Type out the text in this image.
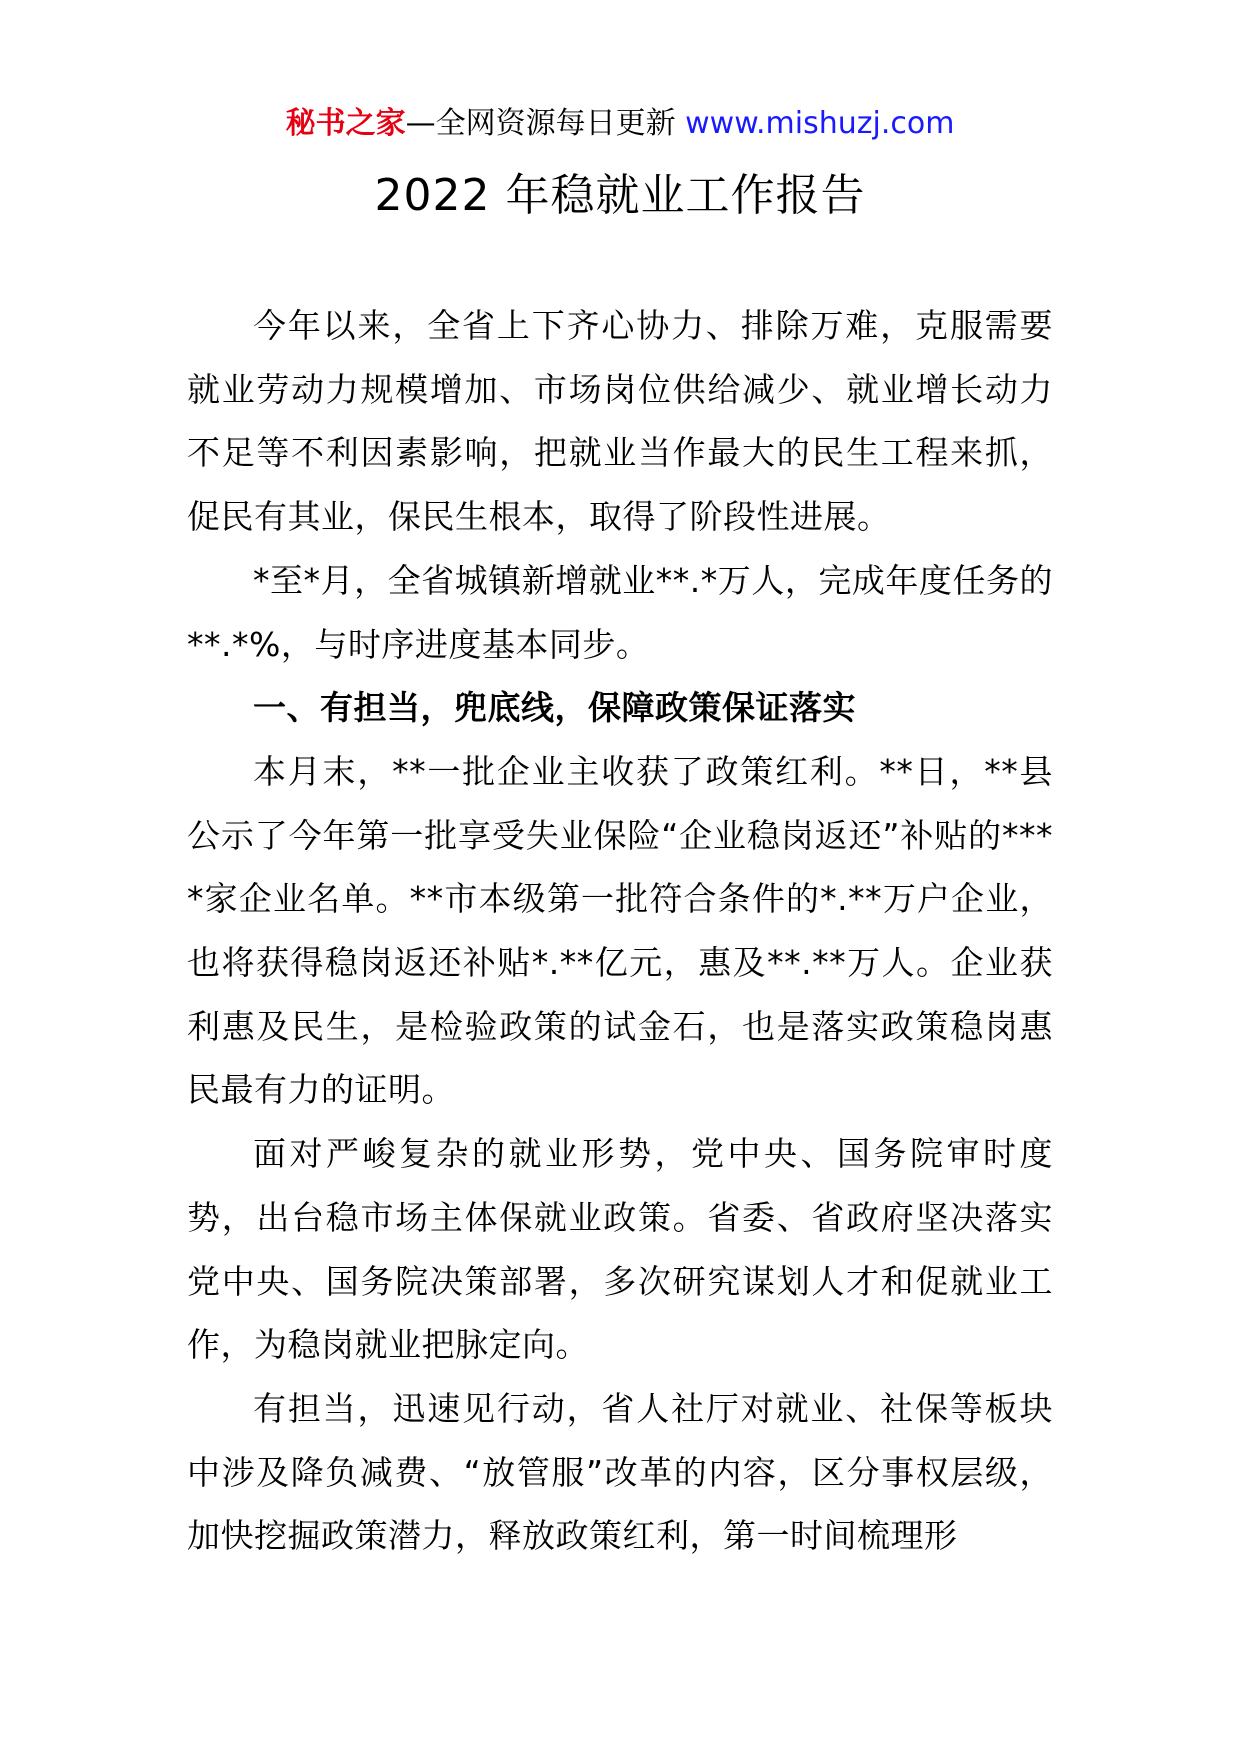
秘书之家—全网资源每日更新 www.mishuzj.com
2022 年稳就业工作报告

今年以来，全省上下齐心协力、排除万难，克服需要就业劳动力规模增加、市场岗位供给减少、就业增长动力不足等不利因素影响，把就业当作最大的民生工程来抓，促民有其业，保民生根本，取得了阶段性进展。

*至*月，全省城镇新增就业**.*万人，完成年度任务的**.*%，与时序进度基本同步。

一、有担当，兜底线，保障政策保证落实

本月末，**一批企业主收获了政策红利。**日，**县公示了今年第一批享受失业保险“企业稳岗返还”补贴的****家企业名单。**市本级第一批符合条件的*.**万户企业，也将获得稳岗返还补贴*.**亿元，惠及**.**万人。企业获利惠及民生，是检验政策的试金石，也是落实政策稳岗惠民最有力的证明。

面对严峻复杂的就业形势，党中央、国务院审时度势，出台稳市场主体保就业政策。省委、省政府坚决落实党中央、国务院决策部署，多次研究谋划人才和促就业工作，为稳岗就业把脉定向。

有担当，迅速见行动，省人社厅对就业、社保等板块中涉及降负减费、“放管服”改革的内容，区分事权层级，加快挖掘政策潜力，释放政策红利，第一时间梳理形
